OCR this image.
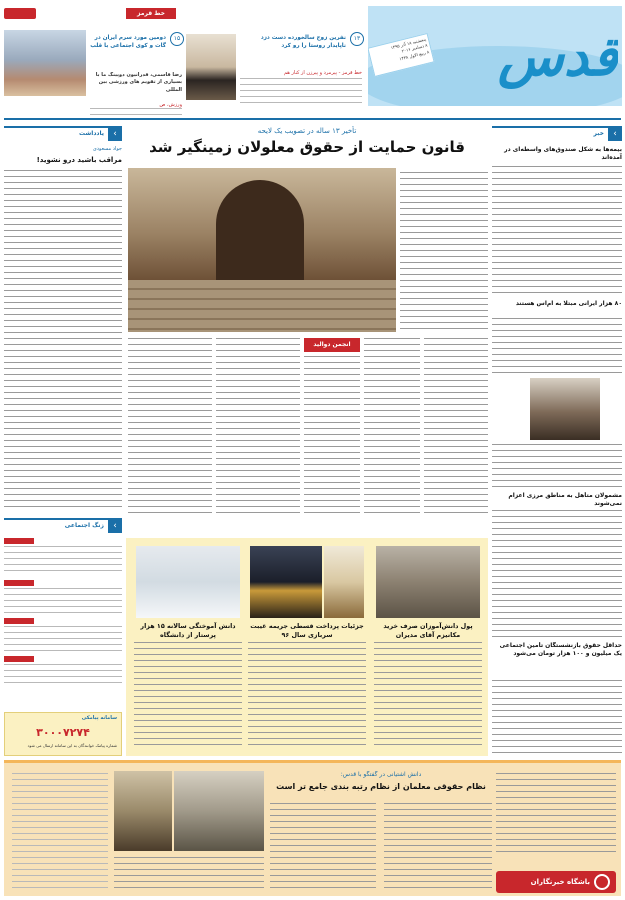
قدس
پنجشنبه ۱۸ آذر ۱۳۹۵
۸ دسامبر ۲۰۱۶
۸ ربیع الاول ۱۴۳۸
خط قرمز
۱۵
دومین مورد سرم ایران در گات و کوی اجتماعی با قلب
رضا قاسمی، قدرانیون دوپینگ ما با بسیاری از تقویم های ورزشی بین المللی
ورزش، ص
۱۳
نفرین زوج سالخورده دست دزد ناپایدار روستا را رو کرد
خط قرمز - پیرمرد و پیرزن از کنار هم
یادداشت	‹
جواد مسعودی
مراقب باشید درو نشوید!
زنگ اجتماعی	‹
تأخیر ۱۳ ساله در تصویب یک لایحه
قانون حمایت از حقوق معلولان زمینگیر شد
انجمن دوالید
خبر	‹
بیمه‌ها به شکل صندوق‌های واسطه‌ای در آمده‌اند
۸۰ هزار ایرانی مبتلا به ام‌اس هستند
مشمولان متأهل به مناطق مرزی اعزام نمی‌شوند
حداقل حقوق بازنشستگان تأمین اجتماعی یک میلیون و ۱۰۰ هزار تومان می‌شود
دانش آموختگی سالانه ۱۵ هزار پرستار از دانشگاه
جزئیات پرداخت قسطی جریمه غیبت سربازی سال ۹۶
پول دانش‌آموزان صرف خرید مکانیزم آقای مدیران
سامانه پیامکی
۳۰۰۰۷۲۷۴
شماره پیامک خوانندگان به این سامانه ارسال می شود
دانش آشتیانی در گفتگو با قدس:
نظام حقوقی معلمان از نظام رتبه بندی جامع تر است
باشگاه خبرنگاران
